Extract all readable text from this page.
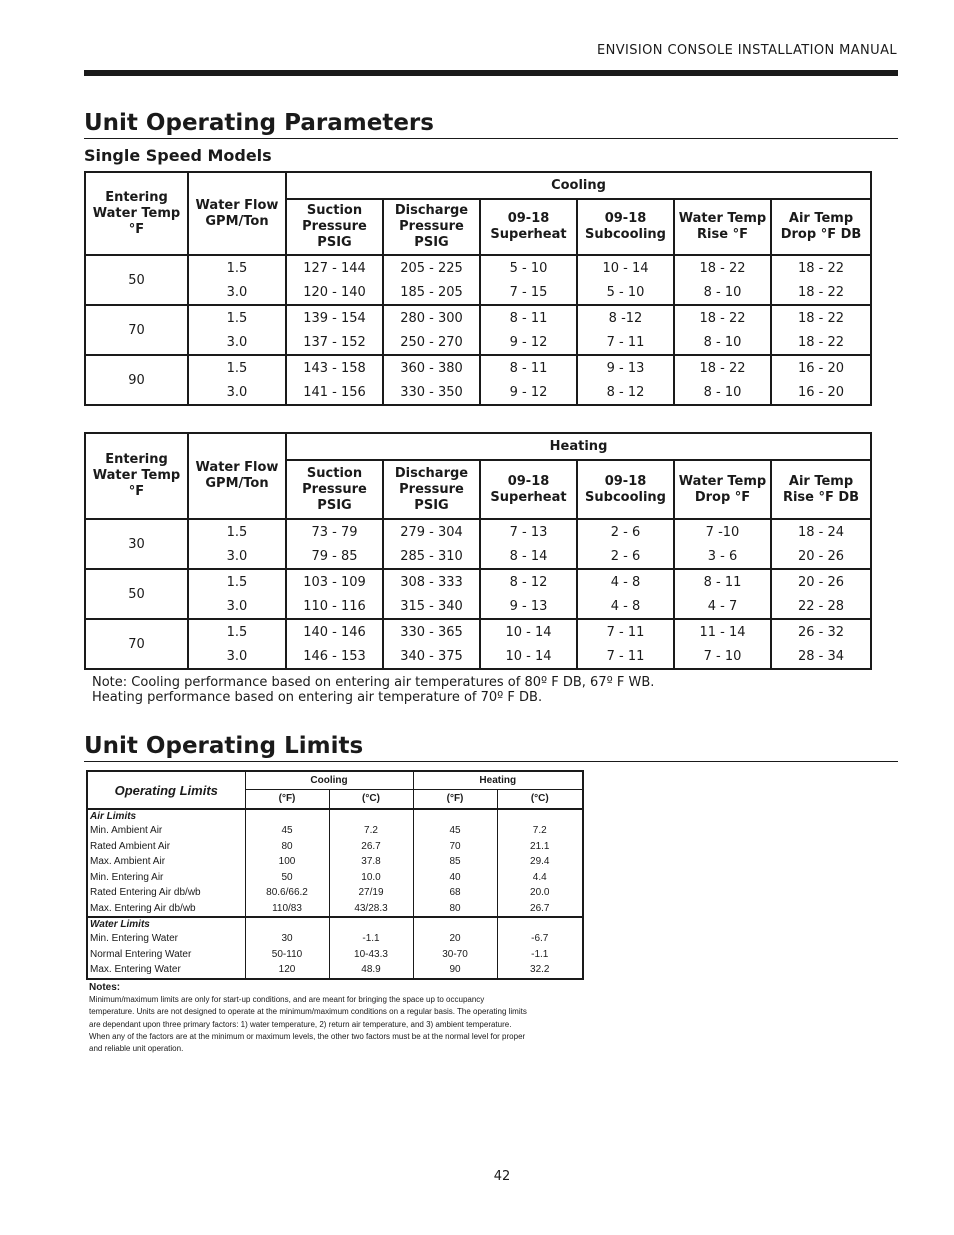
ENVISION CONSOLE INSTALLATION MANUAL
Unit Operating Parameters
Single Speed Models
Entering Water Temp °F	Water Flow GPM/Ton	Cooling					
		Suction Pressure PSIG	Discharge Pressure PSIG	09-18 Superheat	09-18 Subcooling	Water Temp Rise °F	Air Temp Drop °F DB
50	1.5	127 - 144	205 - 225	5 - 10	10 - 14	18 - 22	18 - 22
	3.0	120 - 140	185 - 205	7 - 15	5 - 10	8 - 10	18 - 22
70	1.5	139 - 154	280 - 300	8 - 11	8 -12	18 - 22	18 - 22
	3.0	137 - 152	250 - 270	9 - 12	7 - 11	8 - 10	18 - 22
90	1.5	143 - 158	360 - 380	8 - 11	9 - 13	18 - 22	16 - 20
	3.0	141 - 156	330 - 350	9 - 12	8 - 12	8 - 10	16 - 20
Entering Water Temp °F	Water Flow GPM/Ton	Heating					
		Suction Pressure PSIG	Discharge Pressure PSIG	09-18 Superheat	09-18 Subcooling	Water Temp Drop °F	Air Temp Rise °F DB
30	1.5	73 - 79	279 - 304	7 - 13	2 - 6	7 -10	18 - 24
	3.0	79 - 85	285 - 310	8 - 14	2 - 6	3 - 6	20 - 26
50	1.5	103 - 109	308 - 333	8 - 12	4 - 8	8 - 11	20 - 26
	3.0	110 - 116	315 - 340	9 - 13	4 - 8	4 - 7	22 - 28
70	1.5	140 - 146	330 - 365	10 - 14	7 - 11	11 - 14	26 - 32
	3.0	146 - 153	340 - 375	10 - 14	7 - 11	7 - 10	28 - 34
Note: Cooling performance based on entering air temperatures of 80º F DB, 67º F WB.
Heating performance based on entering air temperature of 70º F DB.
Unit Operating Limits
Operating Limits	Cooling		Heating	
	(°F)	(°C)	(°F)	(°C)
Air Limits				
Min. Ambient Air	45	7.2	45	7.2
Rated Ambient Air	80	26.7	70	21.1
Max. Ambient Air	100	37.8	85	29.4
Min. Entering Air	50	10.0	40	4.4
Rated Entering Air db/wb	80.6/66.2	27/19	68	20.0
Max. Entering Air db/wb	110/83	43/28.3	80	26.7
Water Limits				
Min. Entering Water	30	-1.1	20	-6.7
Normal Entering Water	50-110	10-43.3	30-70	-1.1
Max. Entering Water	120	48.9	90	32.2
Notes:

Minimum/maximum limits are only for start-up conditions, and are meant for bringing the space up to occupancy temperature. Units are not designed to operate at the minimum/maximum conditions on a regular basis. The operating limits are dependant upon three primary factors: 1) water temperature, 2) return air temperature, and 3) ambient temperature. When any of the factors are at the minimum or maximum levels, the other two factors must be at the normal level for proper and reliable unit operation.

42
